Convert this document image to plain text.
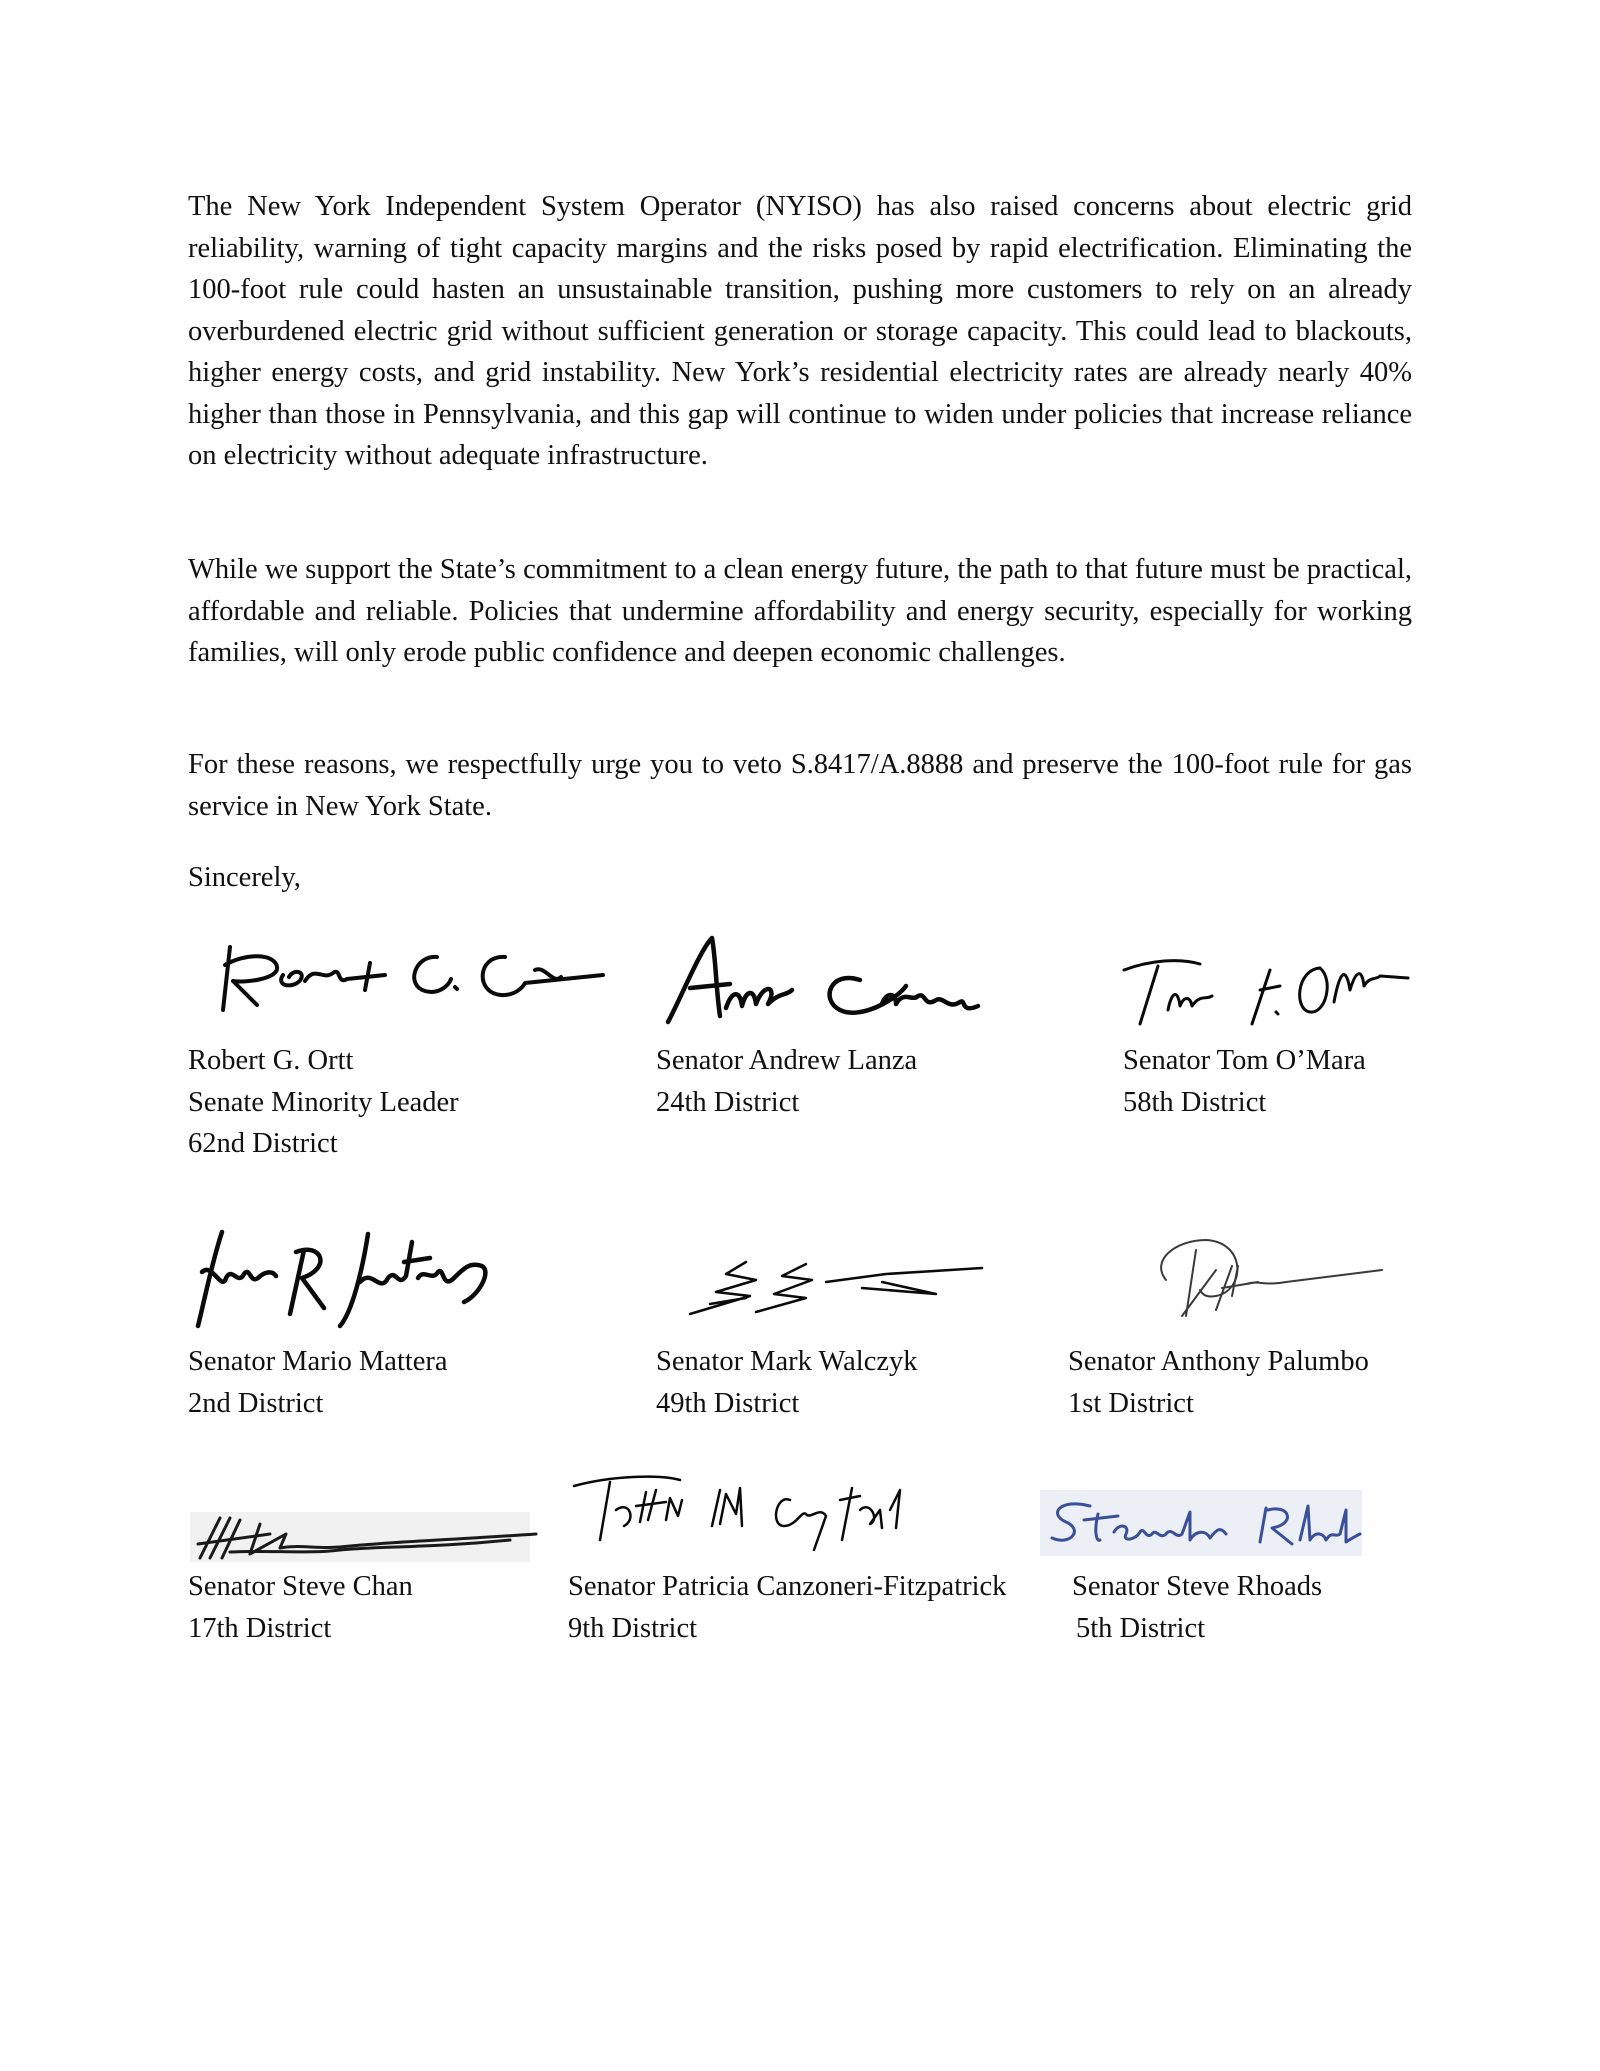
The New York Independent System Operator (NYISO) has also raised concerns about electric grid reliability, warning of tight capacity margins and the risks posed by rapid electrification. Eliminating the 100-foot rule could hasten an unsustainable transition, pushing more customers to rely on an already overburdened electric grid without sufficient generation or storage capacity. This could lead to blackouts, higher energy costs, and grid instability. New York’s residential electricity rates are already nearly 40% higher than those in Pennsylvania, and this gap will continue to widen under policies that increase reliance on electricity without adequate infrastructure.

While we support the State’s commitment to a clean energy future, the path to that future must be practical, affordable and reliable. Policies that undermine affordability and energy security, especially for working families, will only erode public confidence and deepen economic challenges.

For these reasons, we respectfully urge you to veto S.8417/A.8888 and preserve the 100-foot rule for gas service in New York State.

Sincerely,

Robert G. Ortt
Senate Minority Leader
62nd District
Senator Andrew Lanza
24th District
Senator Tom O’Mara
58th District
Senator Mario Mattera
2nd District
Senator Mark Walczyk
49th District
Senator Anthony Palumbo
1st District
Senator Steve Chan
17th District
Senator Patricia Canzoneri-Fitzpatrick
9th District
Senator Steve Rhoads
5th District
